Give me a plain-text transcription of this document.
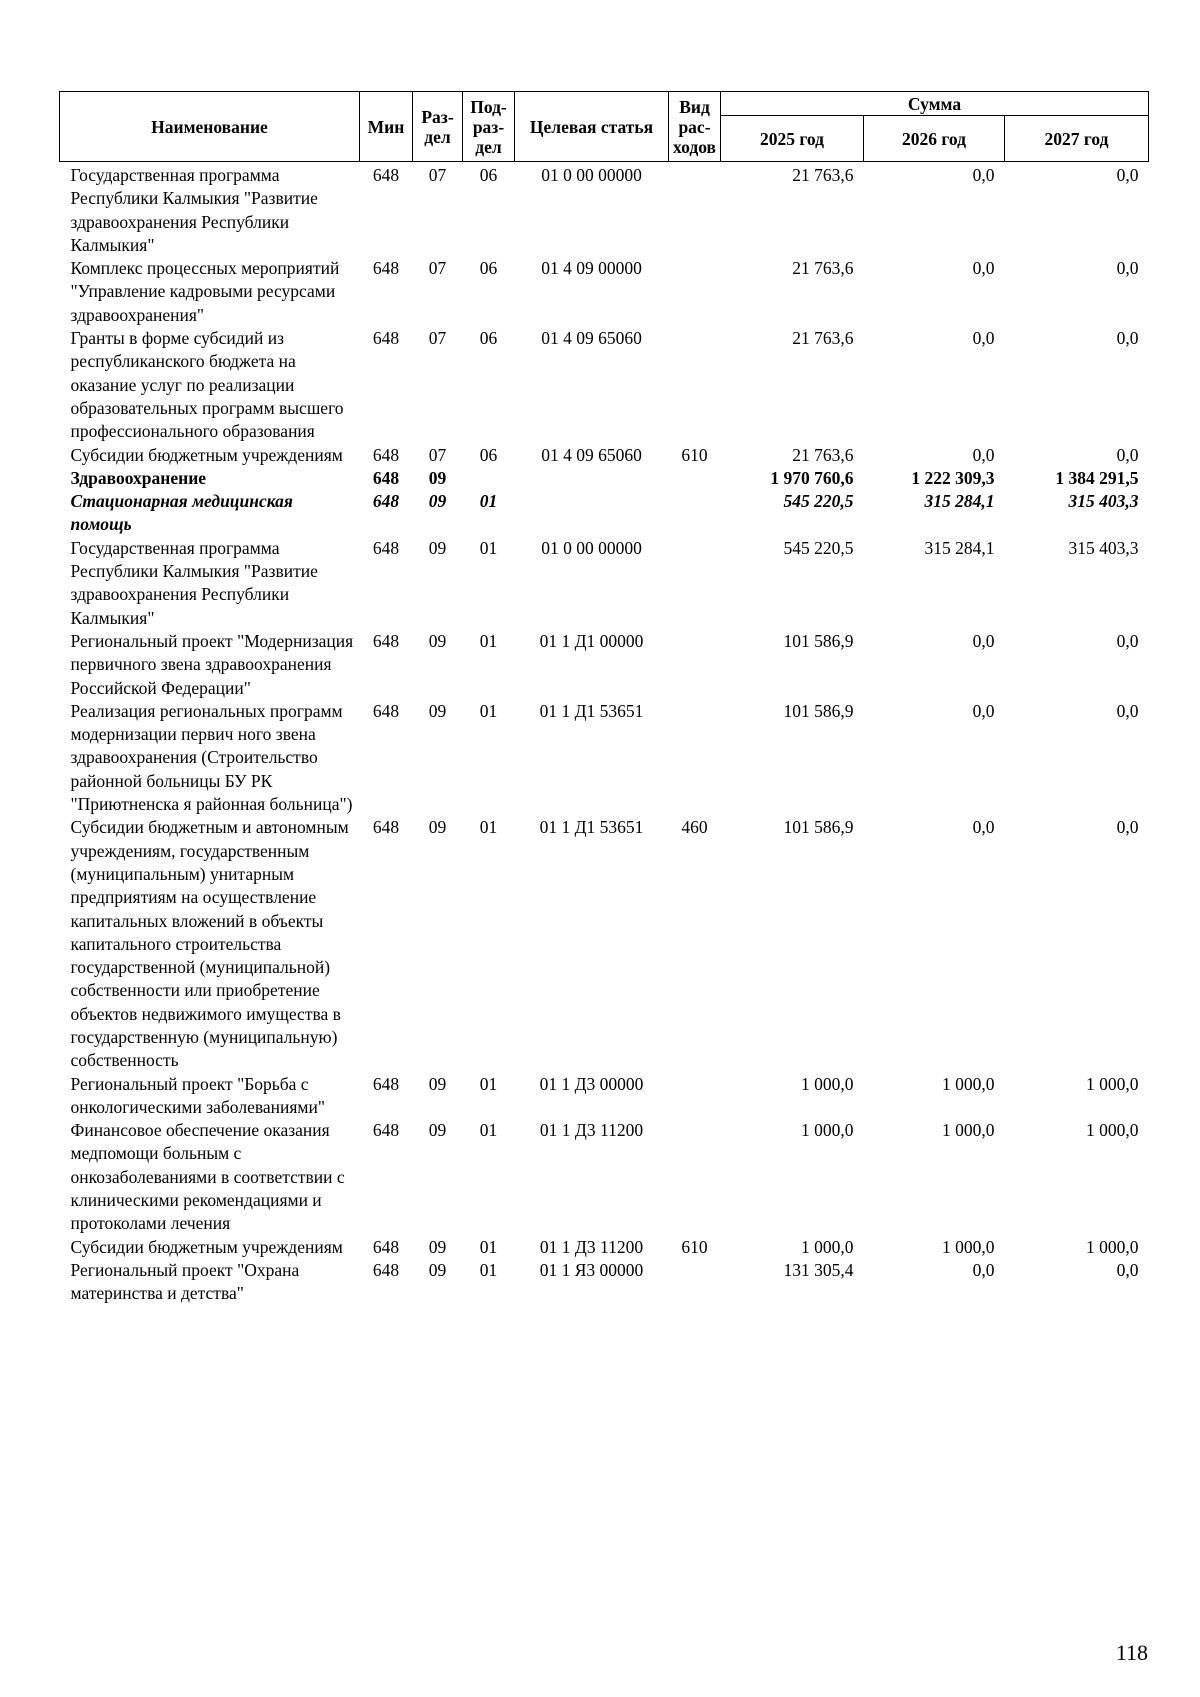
Наименование	Мин	Раз-дел	Под-раз-дел	Целевая статья	Вид рас-ходов	Сумма		
						2025 год	2026 год	2027 год
Государственная программа Республики Калмыкия "Развитие здравоохранения Республики Калмыкия"	648	07	06	01 0 00 00000		21 763,6	0,0	0,0
Комплекс процессных мероприятий "Управление кадровыми ресурсами здравоохранения"	648	07	06	01 4 09 00000		21 763,6	0,0	0,0
Гранты в форме субсидий из республиканского бюджета на оказание услуг по реализации образовательных программ высшего профессионального образования	648	07	06	01 4 09 65060		21 763,6	0,0	0,0
Субсидии бюджетным учреждениям	648	07	06	01 4 09 65060	610	21 763,6	0,0	0,0
Здравоохранение	648	09				1 970 760,6	1 222 309,3	1 384 291,5
Стационарная медицинская помощь	648	09	01			545 220,5	315 284,1	315 403,3
Государственная программа Республики Калмыкия "Развитие здравоохранения Республики Калмыкия"	648	09	01	01 0 00 00000		545 220,5	315 284,1	315 403,3
Региональный проект "Модернизация первичного звена здравоохранения Российской Федерации"	648	09	01	01 1 Д1 00000		101 586,9	0,0	0,0
Реализация региональных программ модернизации первич ного звена здравоохранения (Строительство районной больницы БУ РК "Приютненска я районная больница")	648	09	01	01 1 Д1 53651		101 586,9	0,0	0,0
Субсидии бюджетным и автономным учреждениям, государственным (муниципальным) унитарным предприятиям на осуществление капитальных вложений в объекты капитального строительства государственной (муниципальной) собственности или приобретение объектов недвижимого имущества в государственную (муниципальную) собственность	648	09	01	01 1 Д1 53651	460	101 586,9	0,0	0,0
Региональный проект "Борьба с онкологическими заболеваниями"	648	09	01	01 1 Д3 00000		1 000,0	1 000,0	1 000,0
Финансовое обеспечение оказания медпомощи больным с онкозаболеваниями в соответствии с клиническими рекомендациями и протоколами лечения	648	09	01	01 1 Д3 11200		1 000,0	1 000,0	1 000,0
Субсидии бюджетным учреждениям	648	09	01	01 1 Д3 11200	610	1 000,0	1 000,0	1 000,0
Региональный проект "Охрана материнства и детства"	648	09	01	01 1 Я3 00000		131 305,4	0,0	0,0
118
